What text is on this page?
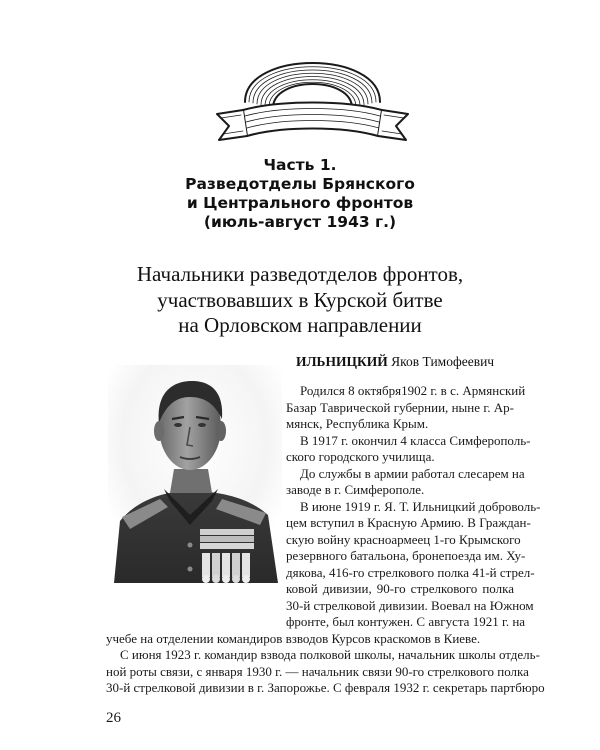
Часть 1.
Разведотделы Брянского
и Центрального фронтов
(июль-август 1943 г.)
Начальники разведотделов фронтов,
участвовавших в Курской битве
на Орловском направлении
ИЛЬНИЦКИЙ Яков Тимофеевич
Родился 8 октября1902 г. в с. Армянский
Базар Таврической губернии, ныне г. Ар-
мянск, Республика Крым.
В 1917 г. окончил 4 класса Симферополь-
ского городского училища.
До службы в армии работал слесарем на
заводе в г. Симферополе.
В июне 1919 г. Я. Т. Ильницкий доброволь-
цем вступил в Красную Армию. В Граждан-
скую войну красноармеец 1-го Крымского
резервного батальона, бронепоезда им. Ху-
дякова, 416-го стрелкового полка 41-й стрел-
ковой дивизии, 90-го стрелкового полка
30-й стрелковой дивизии. Воевал на Южном
фронте, был контужен. С августа 1921 г. на
учебе на отделении командиров взводов Курсов краскомов в Киеве.
С июня 1923 г. командир взвода полковой школы, начальник школы отдель-
ной роты связи, с января 1930 г. — начальник связи 90-го стрелкового полка
30-й стрелковой дивизии в г. Запорожье. С февраля 1932 г. секретарь партбюро
26
